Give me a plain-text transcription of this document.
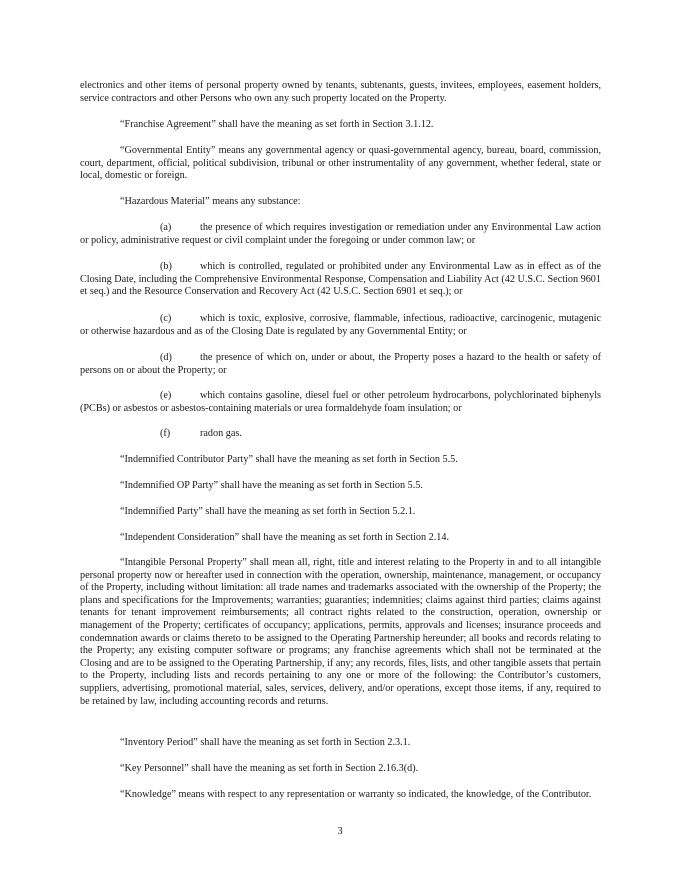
electronics and other items of personal property owned by tenants, subtenants, guests, invitees, employees, easement holders, service contractors and other Persons who own any such property located on the Property.

“Franchise Agreement” shall have the meaning as set forth in Section 3.1.12.

“Governmental Entity” means any governmental agency or quasi-governmental agency, bureau, board, commission, court, department, official, political subdivision, tribunal or other instrumentality of any government, whether federal, state or local, domestic or foreign.

“Hazardous Material” means any substance:

(a)	the presence of which requires investigation or remediation under any Environmental Law action or policy, administrative request or civil complaint under the foregoing or under common law; or

(b)	which is controlled, regulated or prohibited under any Environmental Law as in effect as of the Closing Date, including the Comprehensive Environmental Response, Compensation and Liability Act (42 U.S.C. Section 9601 et seq.) and the Resource Conservation and Recovery Act (42 U.S.C. Section 6901 et seq.); or

(c)	which is toxic, explosive, corrosive, flammable, infectious, radioactive, carcinogenic, mutagenic or otherwise hazardous and as of the Closing Date is regulated by any Governmental Entity; or

(d)	the presence of which on, under or about, the Property poses a hazard to the health or safety of persons on or about the Property; or

(e)	which contains gasoline, diesel fuel or other petroleum hydrocarbons, polychlorinated biphenyls (PCBs) or asbestos or asbestos-containing materials or urea formaldehyde foam insulation; or

(f)	radon gas.

“Indemnified Contributor Party” shall have the meaning as set forth in Section 5.5.

“Indemnified OP Party” shall have the meaning as set forth in Section 5.5.

“Indemnified Party” shall have the meaning as set forth in Section 5.2.1.

“Independent Consideration” shall have the meaning as set forth in Section 2.14.

“Intangible Personal Property” shall mean all, right, title and interest relating to the Property in and to all intangible personal property now or hereafter used in connection with the operation, ownership, maintenance, management, or occupancy of the Property, including without limitation: all trade names and trademarks associated with the ownership of the Property; the plans and specifications for the Improvements; warranties; guaranties; indemnities; claims against third parties; claims against tenants for tenant improvement reimbursements; all contract rights related to the construction, operation, ownership or management of the Property; certificates of occupancy; applications, permits, approvals and licenses; insurance proceeds and condemnation awards or claims thereto to be assigned to the Operating Partnership hereunder; all books and records relating to the Property; any existing computer software or programs; any franchise agreements which shall not be terminated at the Closing and are to be assigned to the Operating Partnership, if any; any records, files, lists, and other tangible assets that pertain to the Property, including lists and records pertaining to any one or more of the following: the Contributor’s customers, suppliers, advertising, promotional material, sales, services, delivery, and/or operations, except those items, if any, required to be retained by law, including accounting records and returns.

“Inventory Period” shall have the meaning as set forth in Section 2.3.1.

“Key Personnel” shall have the meaning as set forth in Section 2.16.3(d).

“Knowledge” means with respect to any representation or warranty so indicated, the knowledge, of the Contributor.

3
